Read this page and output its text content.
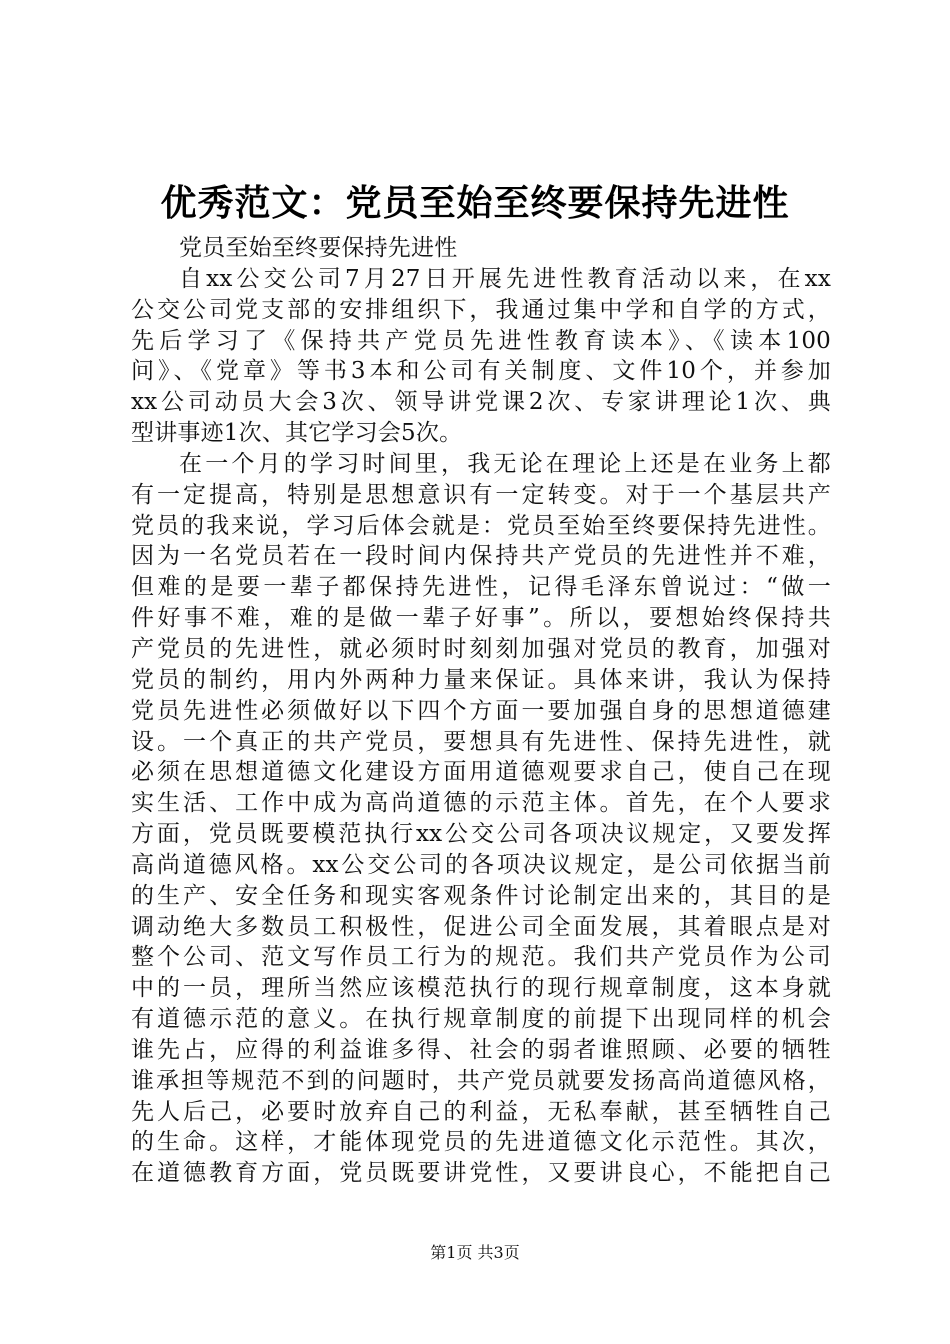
优秀范文：党员至始至终要保持先进性
党员至始至终要保持先进性
自xx公交公司7月27日开展先进性教育活动以来，在xx
公交公司党支部的安排组织下，我通过集中学和自学的方式，
先后学习了《保持共产党员先进性教育读本》、《读本100
问》、《党章》等书3本和公司有关制度、文件10个，并参加
xx公司动员大会3次、领导讲党课2次、专家讲理论1次、典
型讲事迹1次、其它学习会5次。
在一个月的学习时间里，我无论在理论上还是在业务上都
有一定提高，特别是思想意识有一定转变。对于一个基层共产
党员的我来说，学习后体会就是：党员至始至终要保持先进性。
因为一名党员若在一段时间内保持共产党员的先进性并不难，
但难的是要一辈子都保持先进性，记得毛泽东曾说过：“做一
件好事不难，难的是做一辈子好事”。所以，要想始终保持共
产党员的先进性，就必须时时刻刻加强对党员的教育，加强对
党员的制约，用内外两种力量来保证。具体来讲，我认为保持
党员先进性必须做好以下四个方面一要加强自身的思想道德建
设。一个真正的共产党员，要想具有先进性、保持先进性，就
必须在思想道德文化建设方面用道德观要求自己，使自己在现
实生活、工作中成为高尚道德的示范主体。首先，在个人要求
方面，党员既要模范执行xx公交公司各项决议规定，又要发挥
高尚道德风格。xx公交公司的各项决议规定，是公司依据当前
的生产、安全任务和现实客观条件讨论制定出来的，其目的是
调动绝大多数员工积极性，促进公司全面发展，其着眼点是对
整个公司、范文写作员工行为的规范。我们共产党员作为公司
中的一员，理所当然应该模范执行的现行规章制度，这本身就
有道德示范的意义。在执行规章制度的前提下出现同样的机会
谁先占，应得的利益谁多得、社会的弱者谁照顾、必要的牺牲
谁承担等规范不到的问题时，共产党员就要发扬高尚道德风格，
先人后己，必要时放弃自己的利益，无私奉献，甚至牺牲自己
的生命。这样，才能体现党员的先进道德文化示范性。其次，
在道德教育方面，党员既要讲党性，又要讲良心，不能把自己
第1页 共3页
